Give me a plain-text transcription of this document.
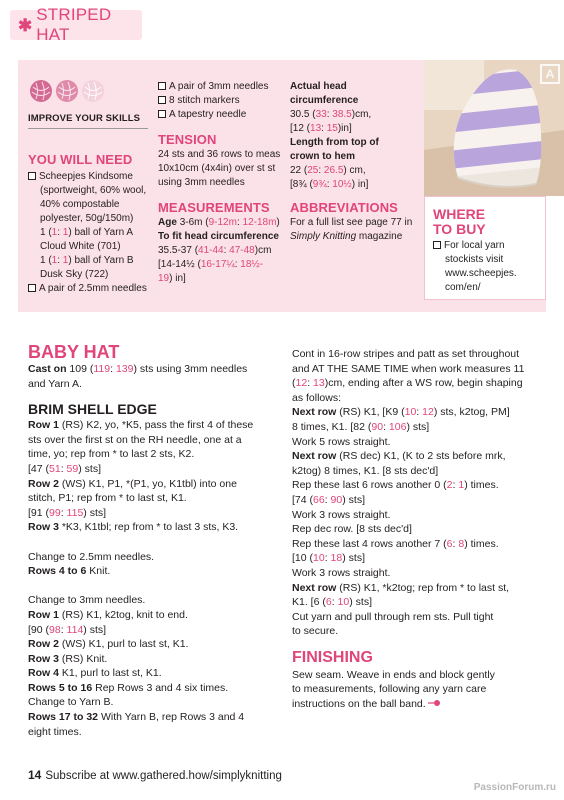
✱
STRIPED HAT
IMPROVE YOUR SKILLS
YOU WILL NEED
Scheepjes Kindsome
(sportweight, 60% wool,
40% compostable
polyester, 50g/150m)
1 (1: 1) ball of Yarn A
Cloud White (701)
1 (1: 1) ball of Yarn B
Dusk Sky (722)
A pair of 2.5mm needles
A pair of 3mm needles
8 stitch markers
A tapestry needle
TENSION
24 sts and 36 rows to meas
10x10cm (4x4in) over st st
using 3mm needles
MEASUREMENTS
Age 3-6m (9-12m: 12-18m)
To fit head circumference
35.5-37 (41-44: 47-48)cm
[14-14½ (16-17¼: 18½-
19) in]
Actual head
circumference
30.5 (33: 38.5)cm,
[12 (13: 15)in]
Length from top of
crown to hem
22 (25: 26.5) cm,
[8¾ (9¾: 10½) in]
ABBREVIATIONS
For a full list see page 77 in
Simply Knitting magazine
A
WHERE
TO BUY
For local yarn
stockists visit
www.scheepjes.
com/en/
BABY HAT

Cast on 109 (119: 139) sts using 3mm needles

and Yarn A.

BRIM SHELL EDGE

Row 1 (RS) K2, yo, *K5, pass the first 4 of these

sts over the first st on the RH needle, one at a

time, yo; rep from * to last 2 sts, K2.

[47 (51: 59) sts]

Row 2 (WS) K1, P1, *(P1, yo, K1tbl) into one

stitch, P1; rep from * to last st, K1.

[91 (99: 115) sts]

Row 3 *K3, K1tbl; rep from * to last 3 sts, K3.

Change to 2.5mm needles.

Rows 4 to 6 Knit.

Change to 3mm needles.

Row 1 (RS) K1, k2tog, knit to end.

[90 (98: 114) sts]

Row 2 (WS) K1, purl to last st, K1.

Row 3 (RS) Knit.

Row 4 K1, purl to last st, K1.

Rows 5 to 16 Rep Rows 3 and 4 six times.

Change to Yarn B.

Rows 17 to 32 With Yarn B, rep Rows 3 and 4

eight times.

Cont in 16-row stripes and patt as set throughout

and AT THE SAME TIME when work measures 11

(12: 13)cm, ending after a WS row, begin shaping

as follows:

Next row (RS) K1, [K9 (10: 12) sts, k2tog, PM]

8 times, K1. [82 (90: 106) sts]

Work 5 rows straight.

Next row (RS dec) K1, (K to 2 sts before mrk,

k2tog) 8 times, K1. [8 sts dec'd]

Rep these last 6 rows another 0 (2: 1) times.

[74 (66: 90) sts]

Work 3 rows straight.

Rep dec row. [8 sts dec'd]

Rep these last 4 rows another 7 (6: 8) times.

[10 (10: 18) sts]

Work 3 rows straight.

Next row (RS) K1, *k2tog; rep from * to last st,

K1. [6 (6: 10) sts]

Cut yarn and pull through rem sts. Pull tight

to secure.

FINISHING

Sew seam. Weave in ends and block gently

to measurements, following any yarn care

instructions on the ball band.

14 Subscribe at www.gathered.how/simplyknitting
PassionForum.ru
